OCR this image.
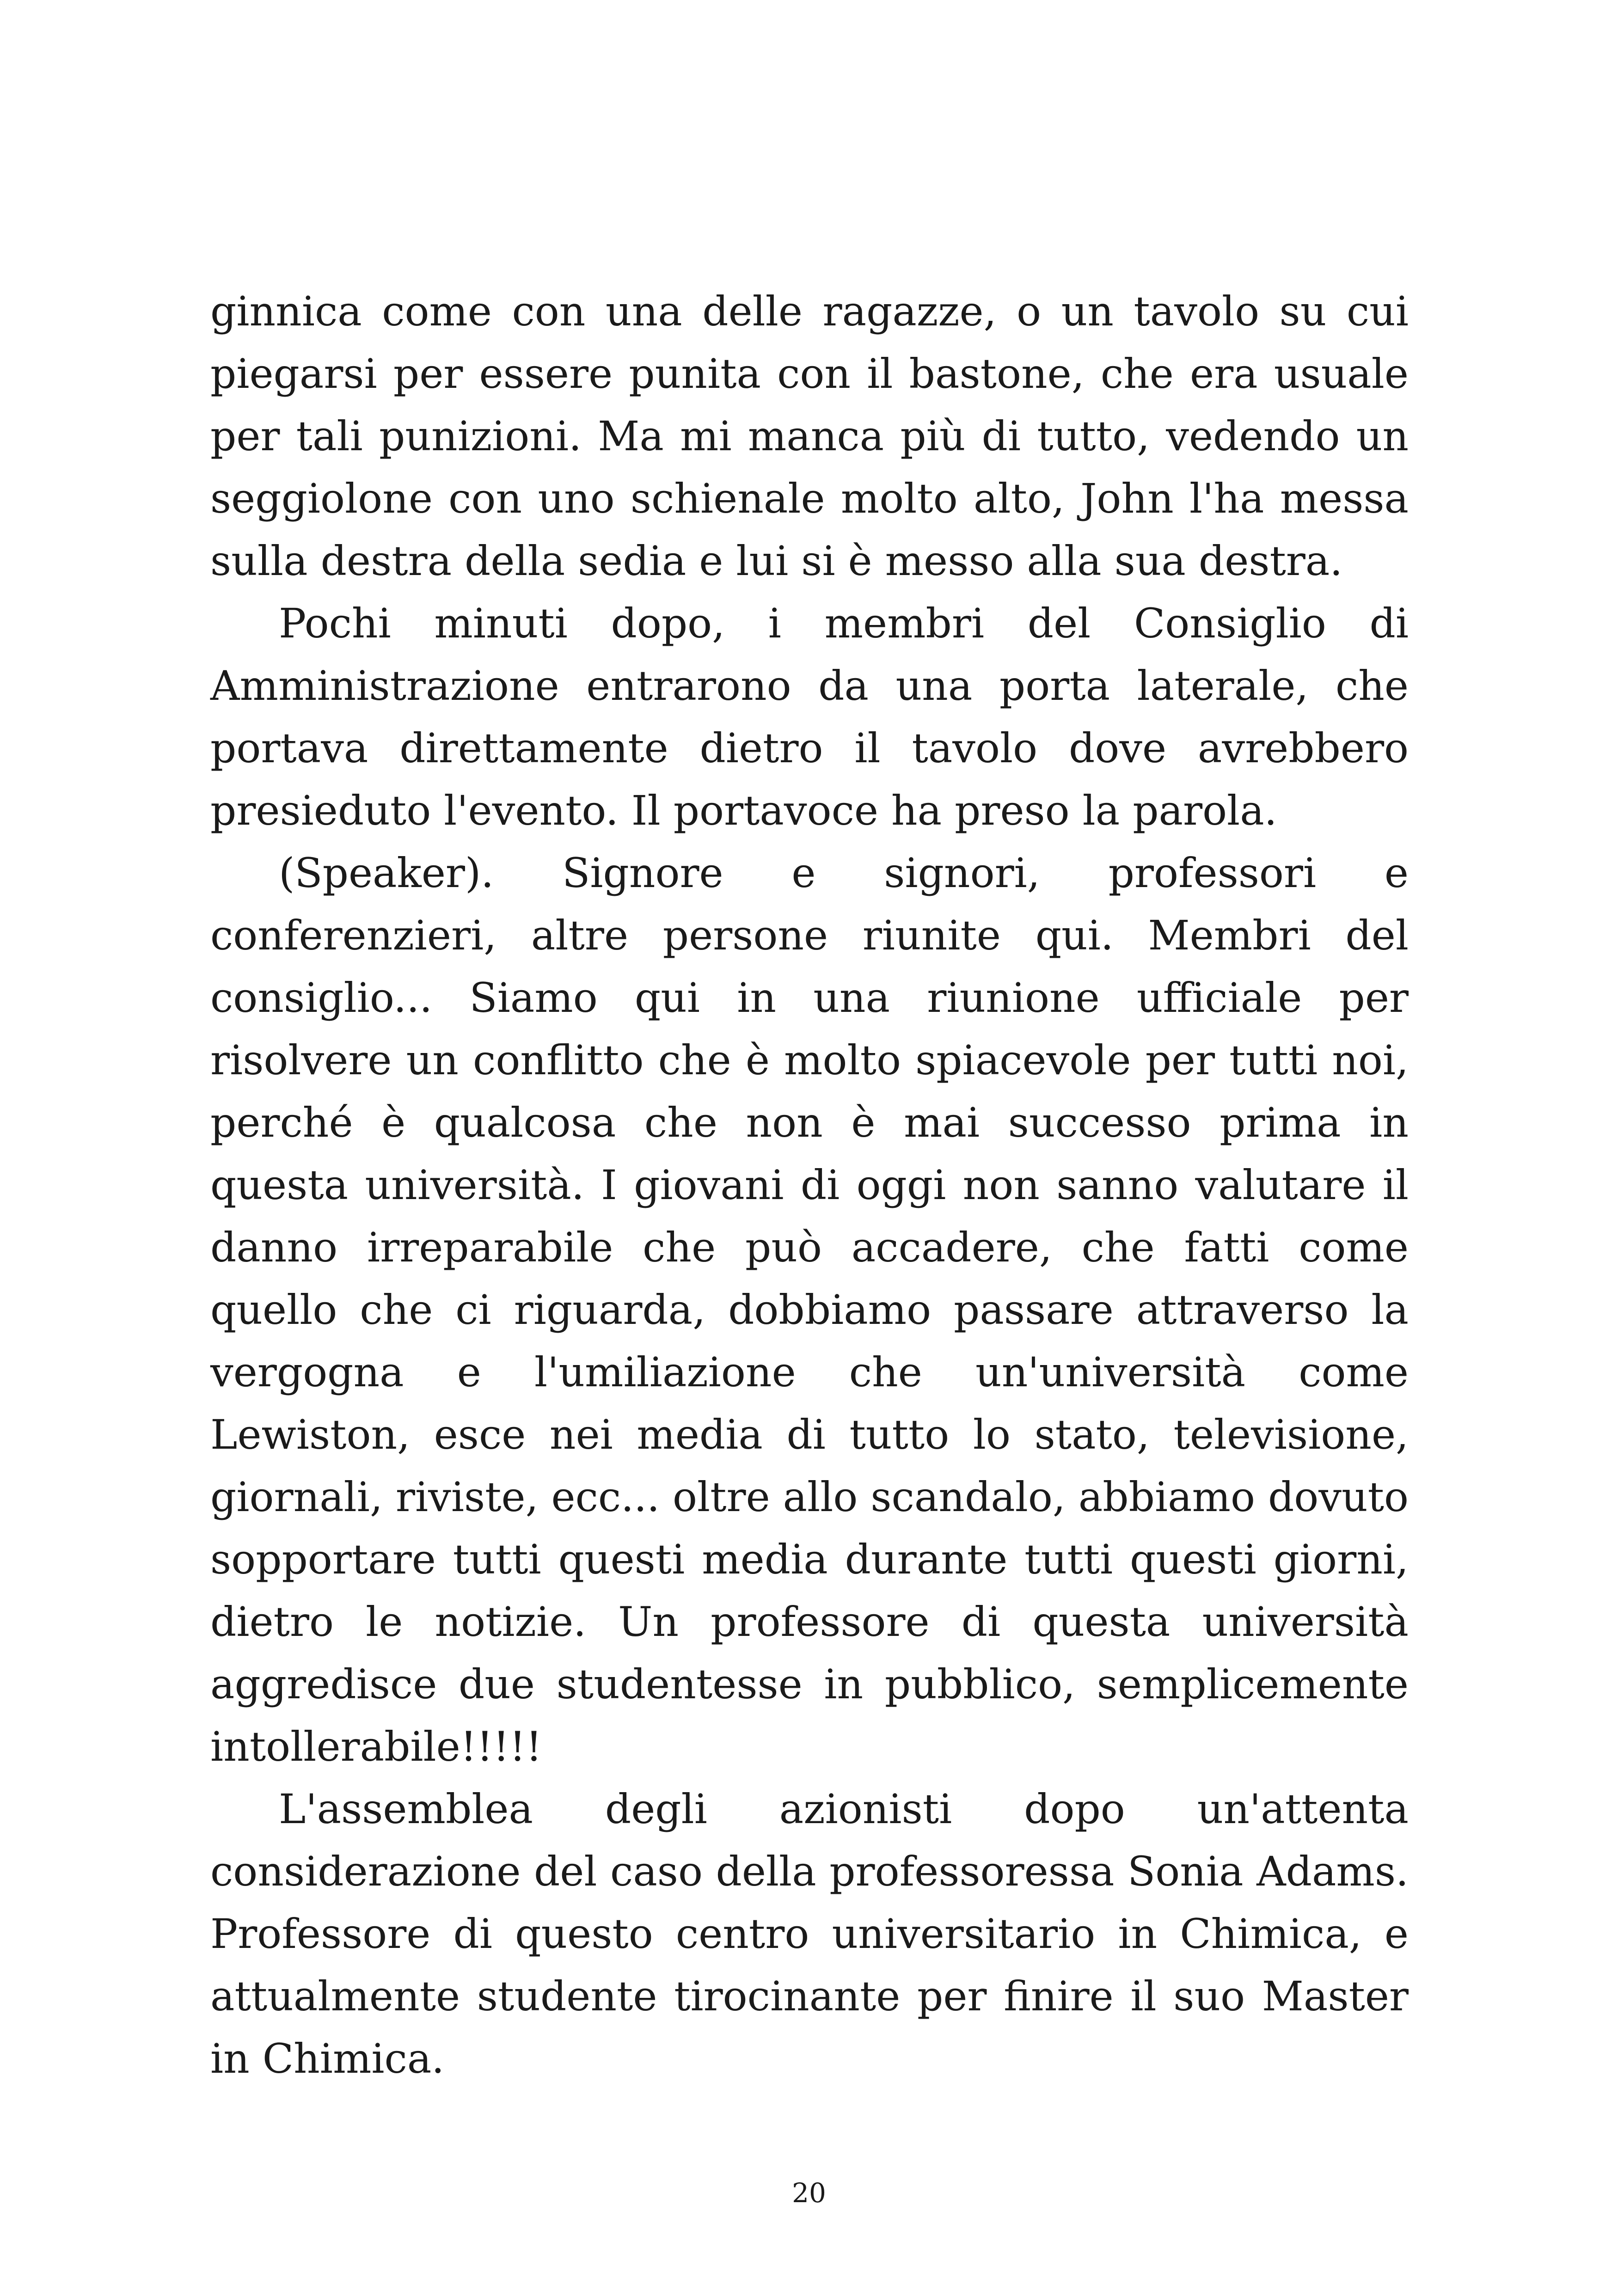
ginnica come con una delle ragazze, o un tavolo su cui piegarsi per essere punita con il bastone, che era usuale per tali punizioni. Ma mi manca più di tutto, vedendo un seggiolone con uno schienale molto alto, John l'ha messa sulla destra della sedia e lui si è messo alla sua destra.

Pochi minuti dopo, i membri del Consiglio di Amministrazione entrarono da una porta laterale, che portava direttamente dietro il tavolo dove avrebbero presieduto l'evento. Il portavoce ha preso la parola.

(Speaker). Signore e signori, professori e conferenzieri, altre persone riunite qui. Membri del consiglio... Siamo qui in una riunione ufficiale per risolvere un conflitto che è molto spiacevole per tutti noi, perché è qualcosa che non è mai successo prima in questa università. I giovani di oggi non sanno valutare il danno irreparabile che può accadere, che fatti come quello che ci riguarda, dobbiamo passare attraverso la vergogna e l'umiliazione che un'università come Lewiston, esce nei media di tutto lo stato, televisione, giornali, riviste, ecc... oltre allo scandalo, abbiamo dovuto sopportare tutti questi media durante tutti questi giorni, dietro le notizie. Un professore di questa università aggredisce due studentesse in pubblico, semplicemente intollerabile!!!!!

L'assemblea degli azionisti dopo un'attenta considerazione del caso della professoressa Sonia Adams. Professore di questo centro universitario in Chimica, e attualmente studente tirocinante per finire il suo Master in Chimica.

20
